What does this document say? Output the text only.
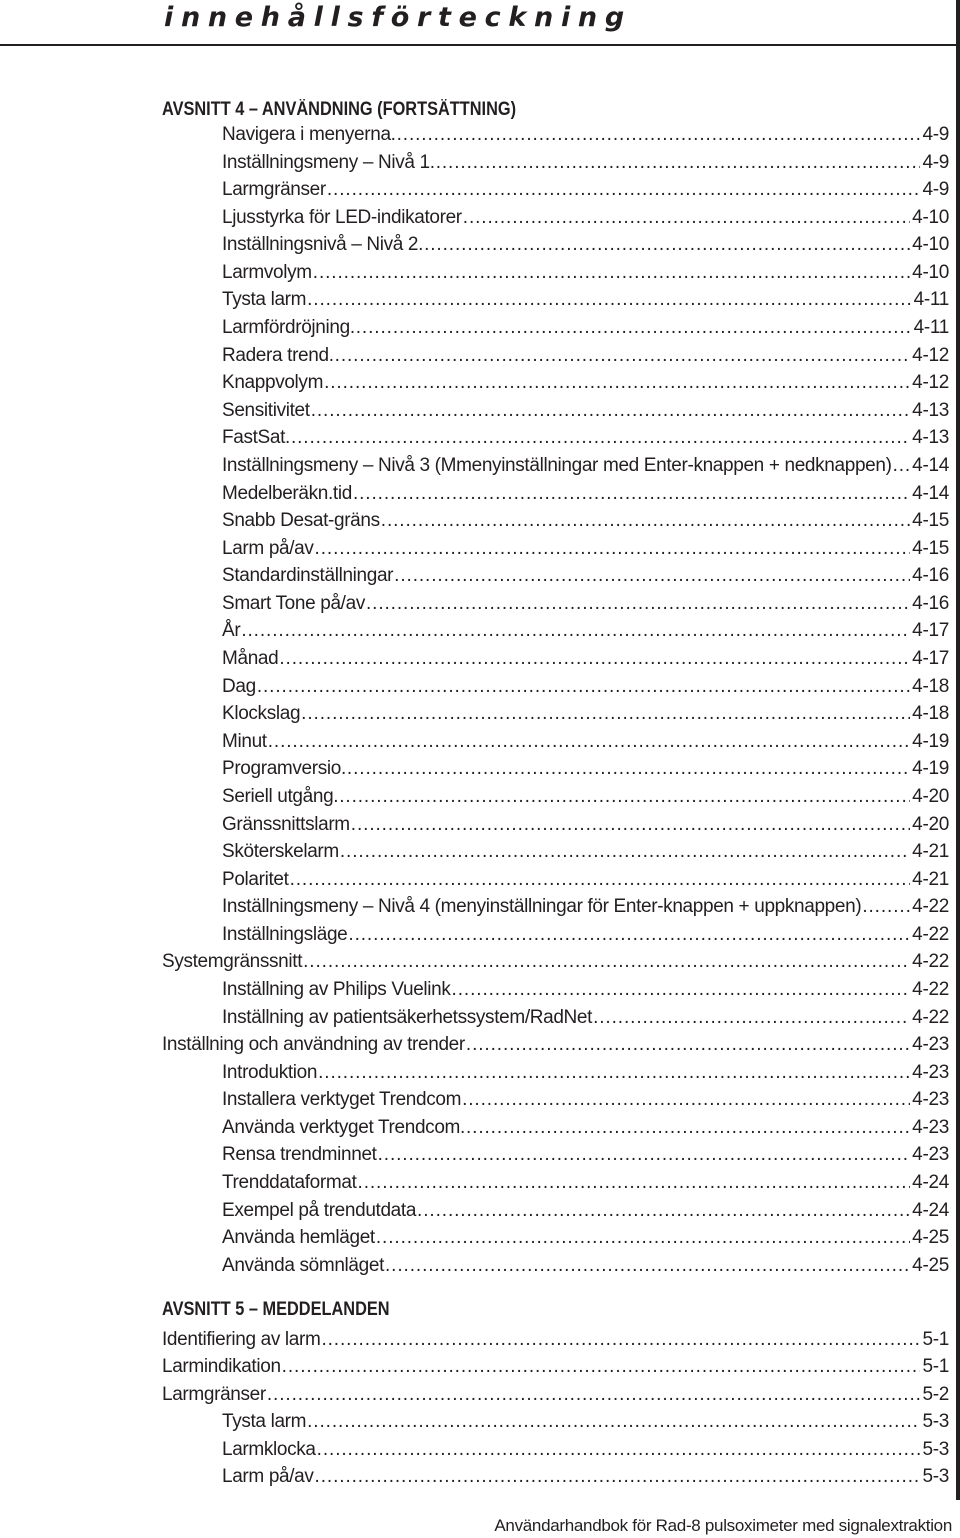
innehållsförteckning
AVSNITT 4 – ANVÄNDNING (FORTSÄTTNING)
Navigera i menyerna. .....	4-9
Inställningsmeny – Nivå 1. .....	4-9
Larmgränser .....	4-9
Ljusstyrka för LED-indikatorer .....	4-10
Inställningsnivå – Nivå 2. .....	4-10
Larmvolym .....	4-10
Tysta larm .....	4-11
Larmfördröjning. .....	4-11
Radera trend. .....	4-12
Knappvolym .....	4-12
Sensitivitet .....	4-13
FastSat. .....	4-13
Inställningsmeny – Nivå 3 (Mmenyinställningar med Enter-knappen + nedknappen) ..... 4-14
Medelberäkn.tid .....	4-14
Snabb Desat-gräns .....	4-15
Larm på/av .....	4-15
Standardinställningar .....	4-16
Smart Tone på/av .....	4-16
År .....	4-17
Månad .....	4-17
Dag .....	4-18
Klockslag .....	4-18
Minut .....	4-19
Programversio. .....	4-19
Seriell utgång. .....	4-20
Gränssnittslarm .....	4-20
Sköterskelarm .....	4-21
Polaritet .....	4-21
Inställningsmeny – Nivå 4 (menyinställningar för Enter-knappen + uppknappen) .....	4-22
Inställningsläge .....	4-22
Systemgränssnitt .....	4-22
Inställning av Philips Vuelink .....	4-22
Inställning av patientsäkerhetssystem/RadNet .....	4-22
Inställning och användning av trender .....	4-23
Introduktion .....	4-23
Installera verktyget Trendcom .....	4-23
Använda verktyget Trendcom. .....	4-23
Rensa trendminnet .....	4-23
Trenddataformat .....	4-24
Exempel på trendutdata .....	4-24
Använda hemläget .....	4-25
Använda sömnläget .....	4-25
AVSNITT 5 – MEDDELANDEN
Identifiering av larm .....	5-1
Larmindikation .....	5-1
Larmgränser .....	5-2
Tysta larm .....	5-3
Larmklocka .....	5-3
Larm på/av .....	5-3
Användarhandbok för Rad-8 pulsoximeter med signalextraktion
